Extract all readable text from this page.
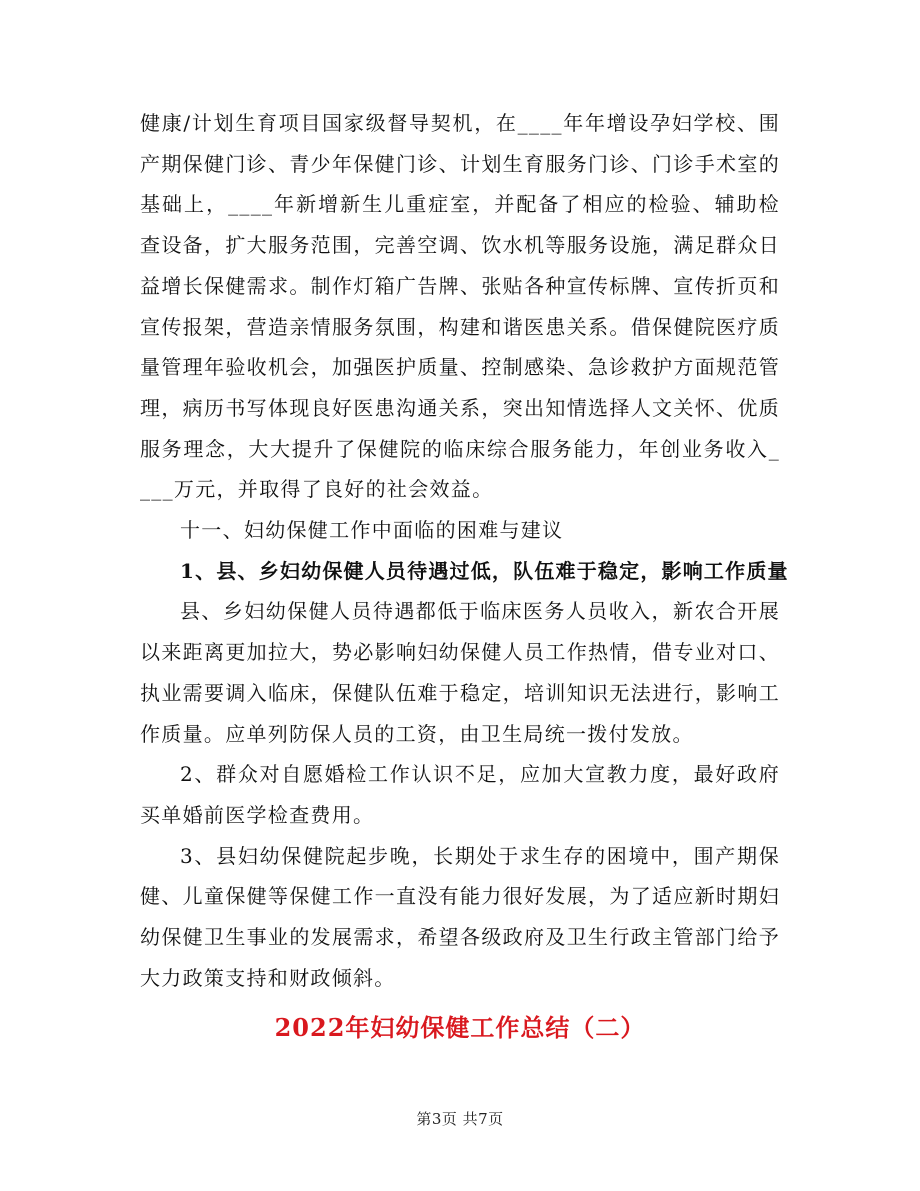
健康/计划生育项目国家级督导契机，在____年年增设孕妇学校、围产期保健门诊、青少年保健门诊、计划生育服务门诊、门诊手术室的基础上，____年新增新生儿重症室，并配备了相应的检验、辅助检查设备，扩大服务范围，完善空调、饮水机等服务设施，满足群众日益增长保健需求。制作灯箱广告牌、张贴各种宣传标牌、宣传折页和宣传报架，营造亲情服务氛围，构建和谐医患关系。借保健院医疗质量管理年验收机会，加强医护质量、控制感染、急诊救护方面规范管理，病历书写体现良好医患沟通关系，突出知情选择人文关怀、优质服务理念，大大提升了保健院的临床综合服务能力，年创业务收入____万元，并取得了良好的社会效益。

十一、妇幼保健工作中面临的困难与建议

1、县、乡妇幼保健人员待遇过低，队伍难于稳定，影响工作质量

县、乡妇幼保健人员待遇都低于临床医务人员收入，新农合开展以来距离更加拉大，势必影响妇幼保健人员工作热情，借专业对口、执业需要调入临床，保健队伍难于稳定，培训知识无法进行，影响工作质量。应单列防保人员的工资，由卫生局统一拨付发放。

2、群众对自愿婚检工作认识不足，应加大宣教力度，最好政府买单婚前医学检查费用。

3、县妇幼保健院起步晚，长期处于求生存的困境中，围产期保健、儿童保健等保健工作一直没有能力很好发展，为了适应新时期妇幼保健卫生事业的发展需求，希望各级政府及卫生行政主管部门给予大力政策支持和财政倾斜。

2022年妇幼保健工作总结（二）
第3页 共7页
